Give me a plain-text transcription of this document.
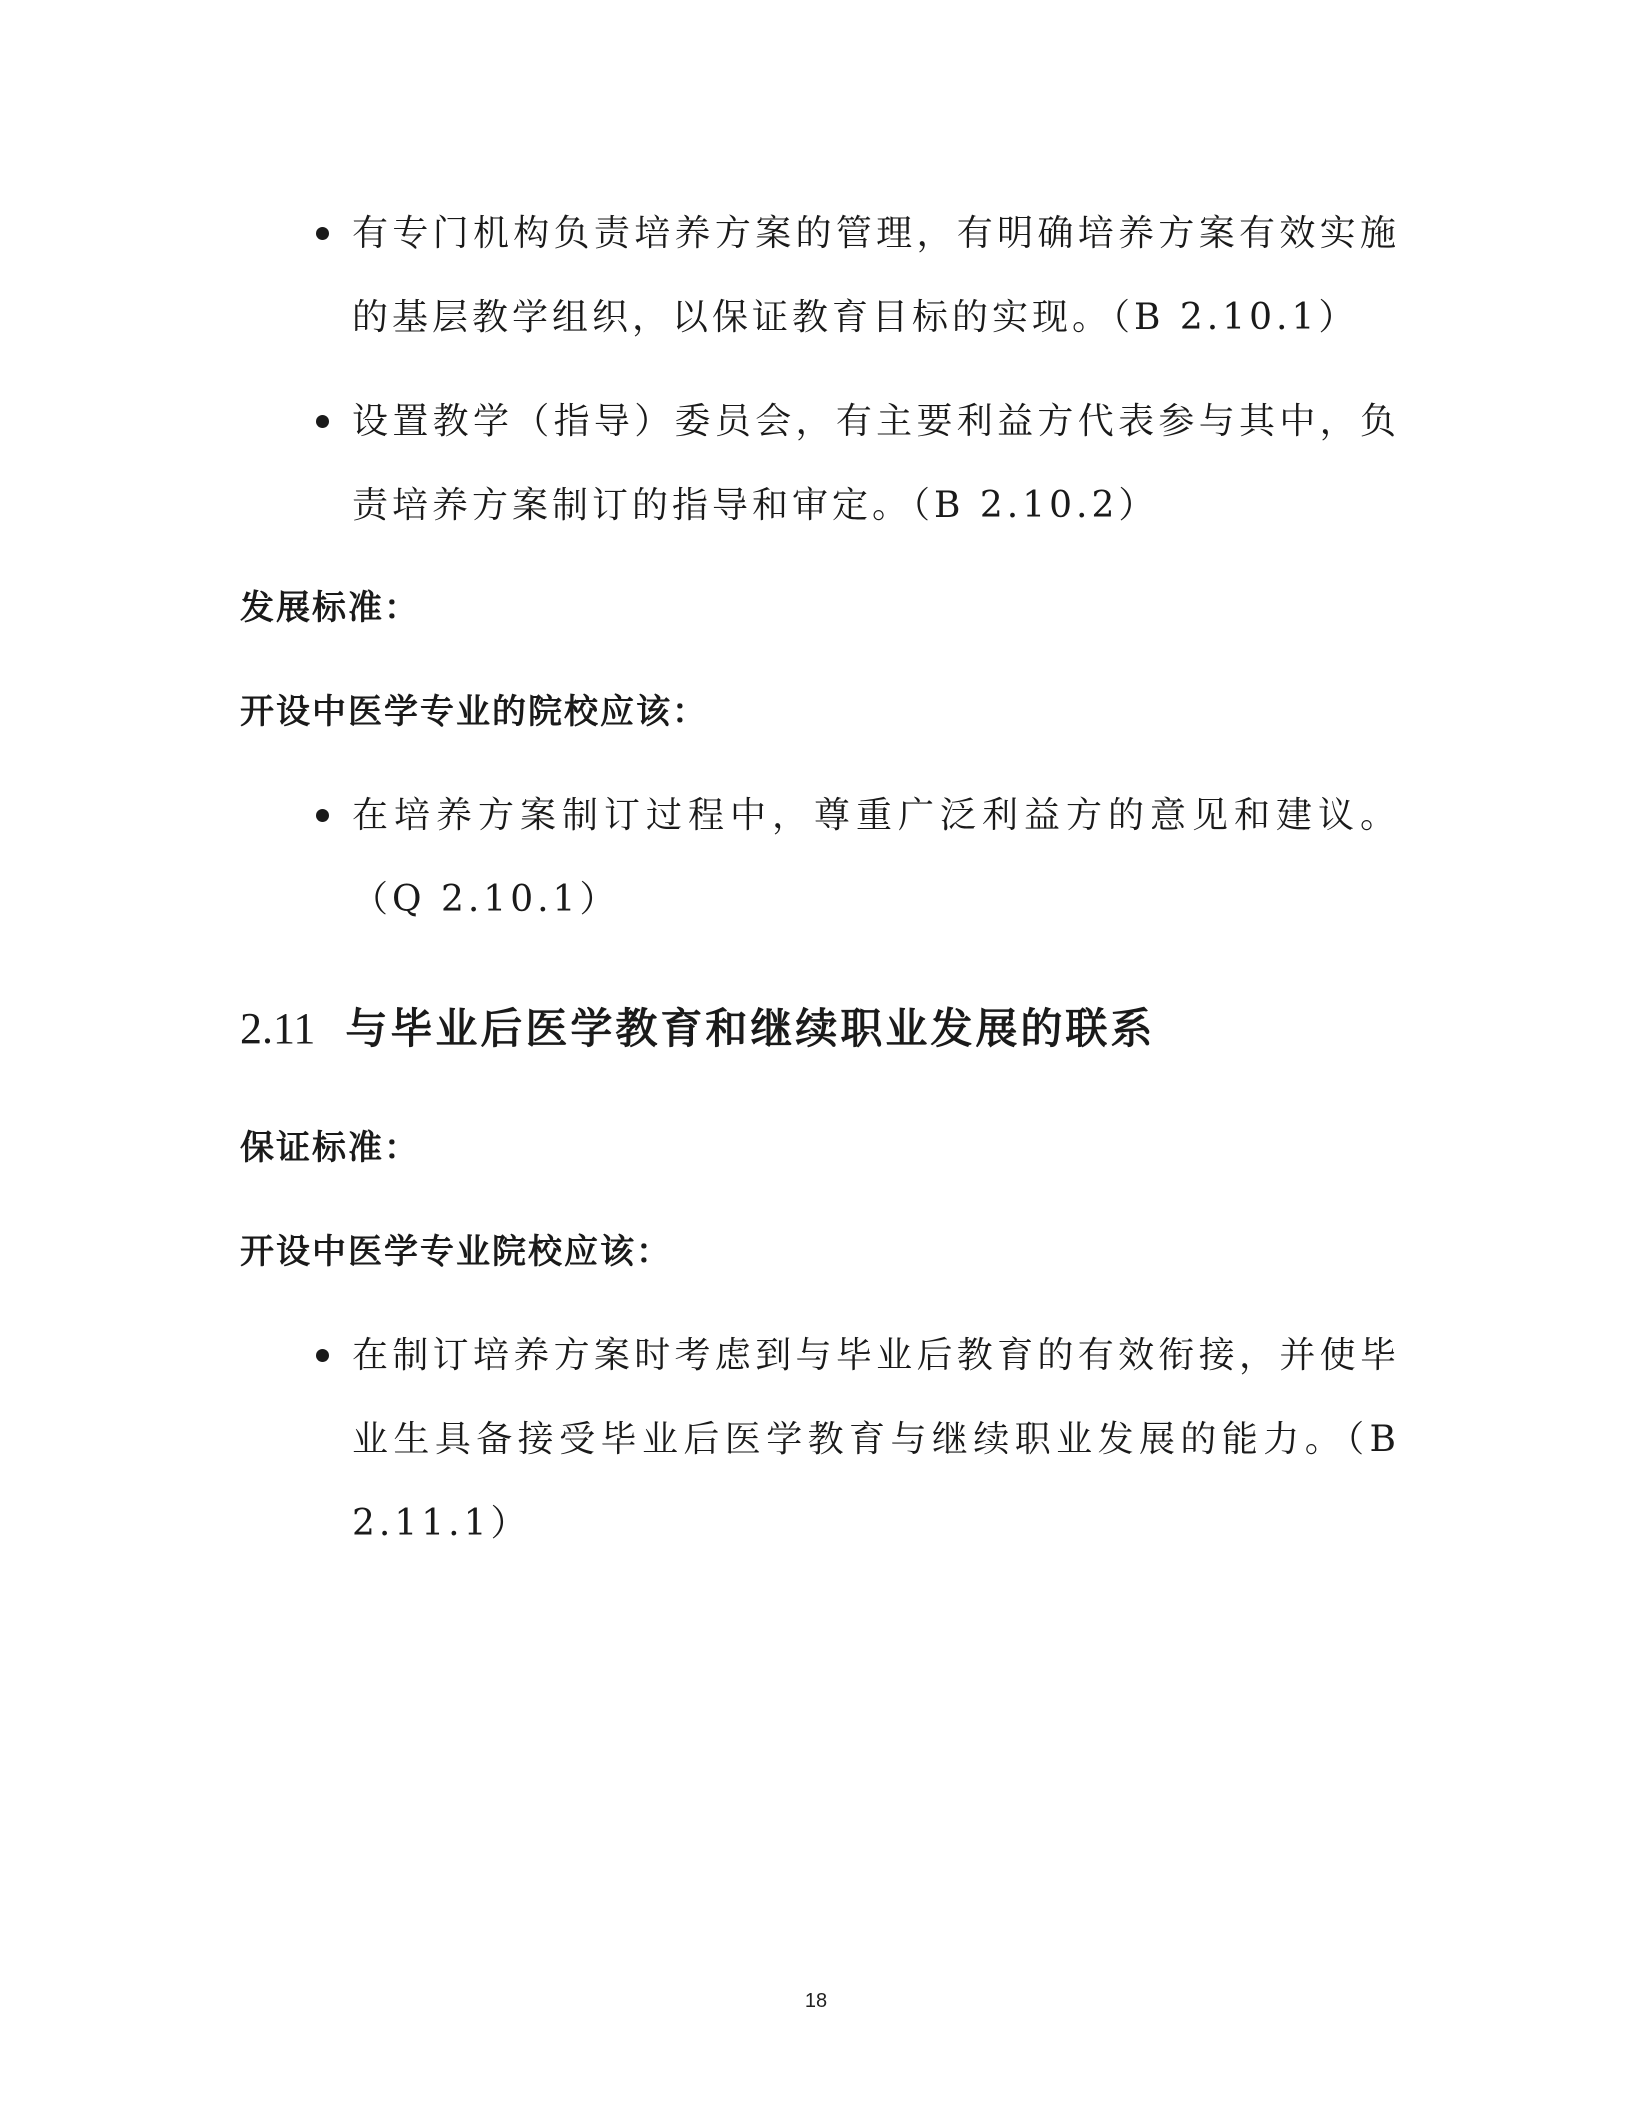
有专门机构负责培养方案的管理，有明确培养方案有效实施的基层教学组织，以保证教育目标的实现。（B 2.10.1）
设置教学（指导）委员会，有主要利益方代表参与其中，负责培养方案制订的指导和审定。（B 2.10.2）
发展标准：
开设中医学专业的院校应该：
在培养方案制订过程中，尊重广泛利益方的意见和建议。（Q 2.10.1）
2.11 与毕业后医学教育和继续职业发展的联系
保证标准：
开设中医学专业院校应该：
在制订培养方案时考虑到与毕业后教育的有效衔接，并使毕业生具备接受毕业后医学教育与继续职业发展的能力。（B 2.11.1）
18
